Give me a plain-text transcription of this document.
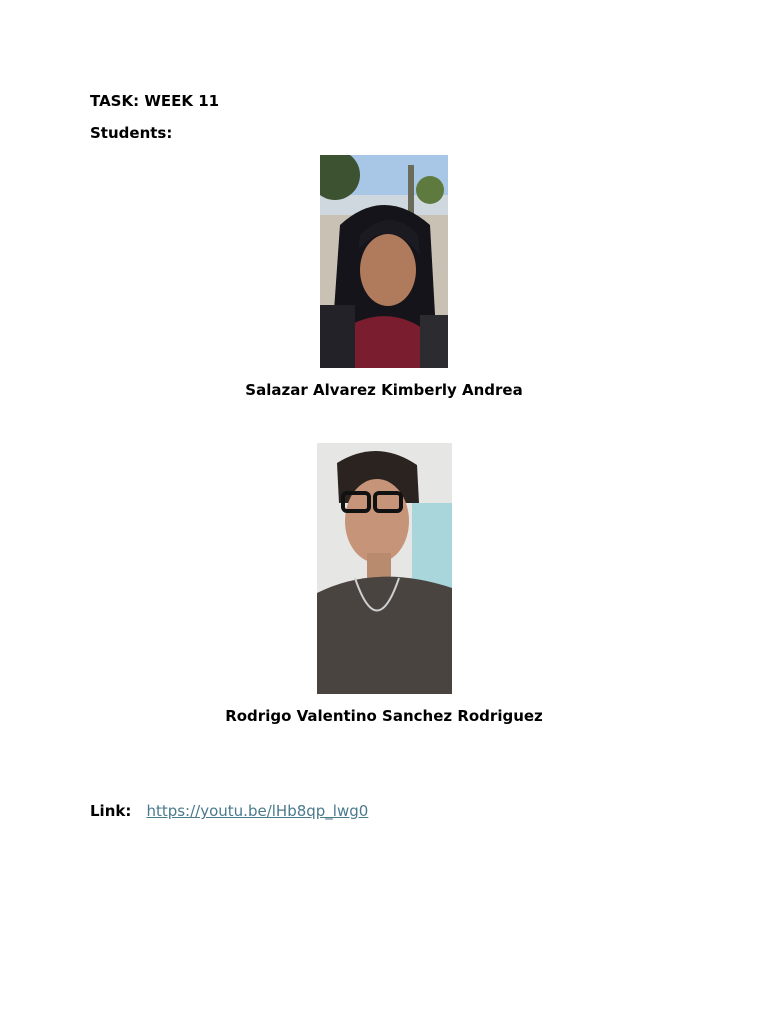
TASK: WEEK 11
Students:
Salazar Alvarez Kimberly Andrea
Rodrigo Valentino Sanchez Rodriguez
Link: https://youtu.be/lHb8qp_lwg0
